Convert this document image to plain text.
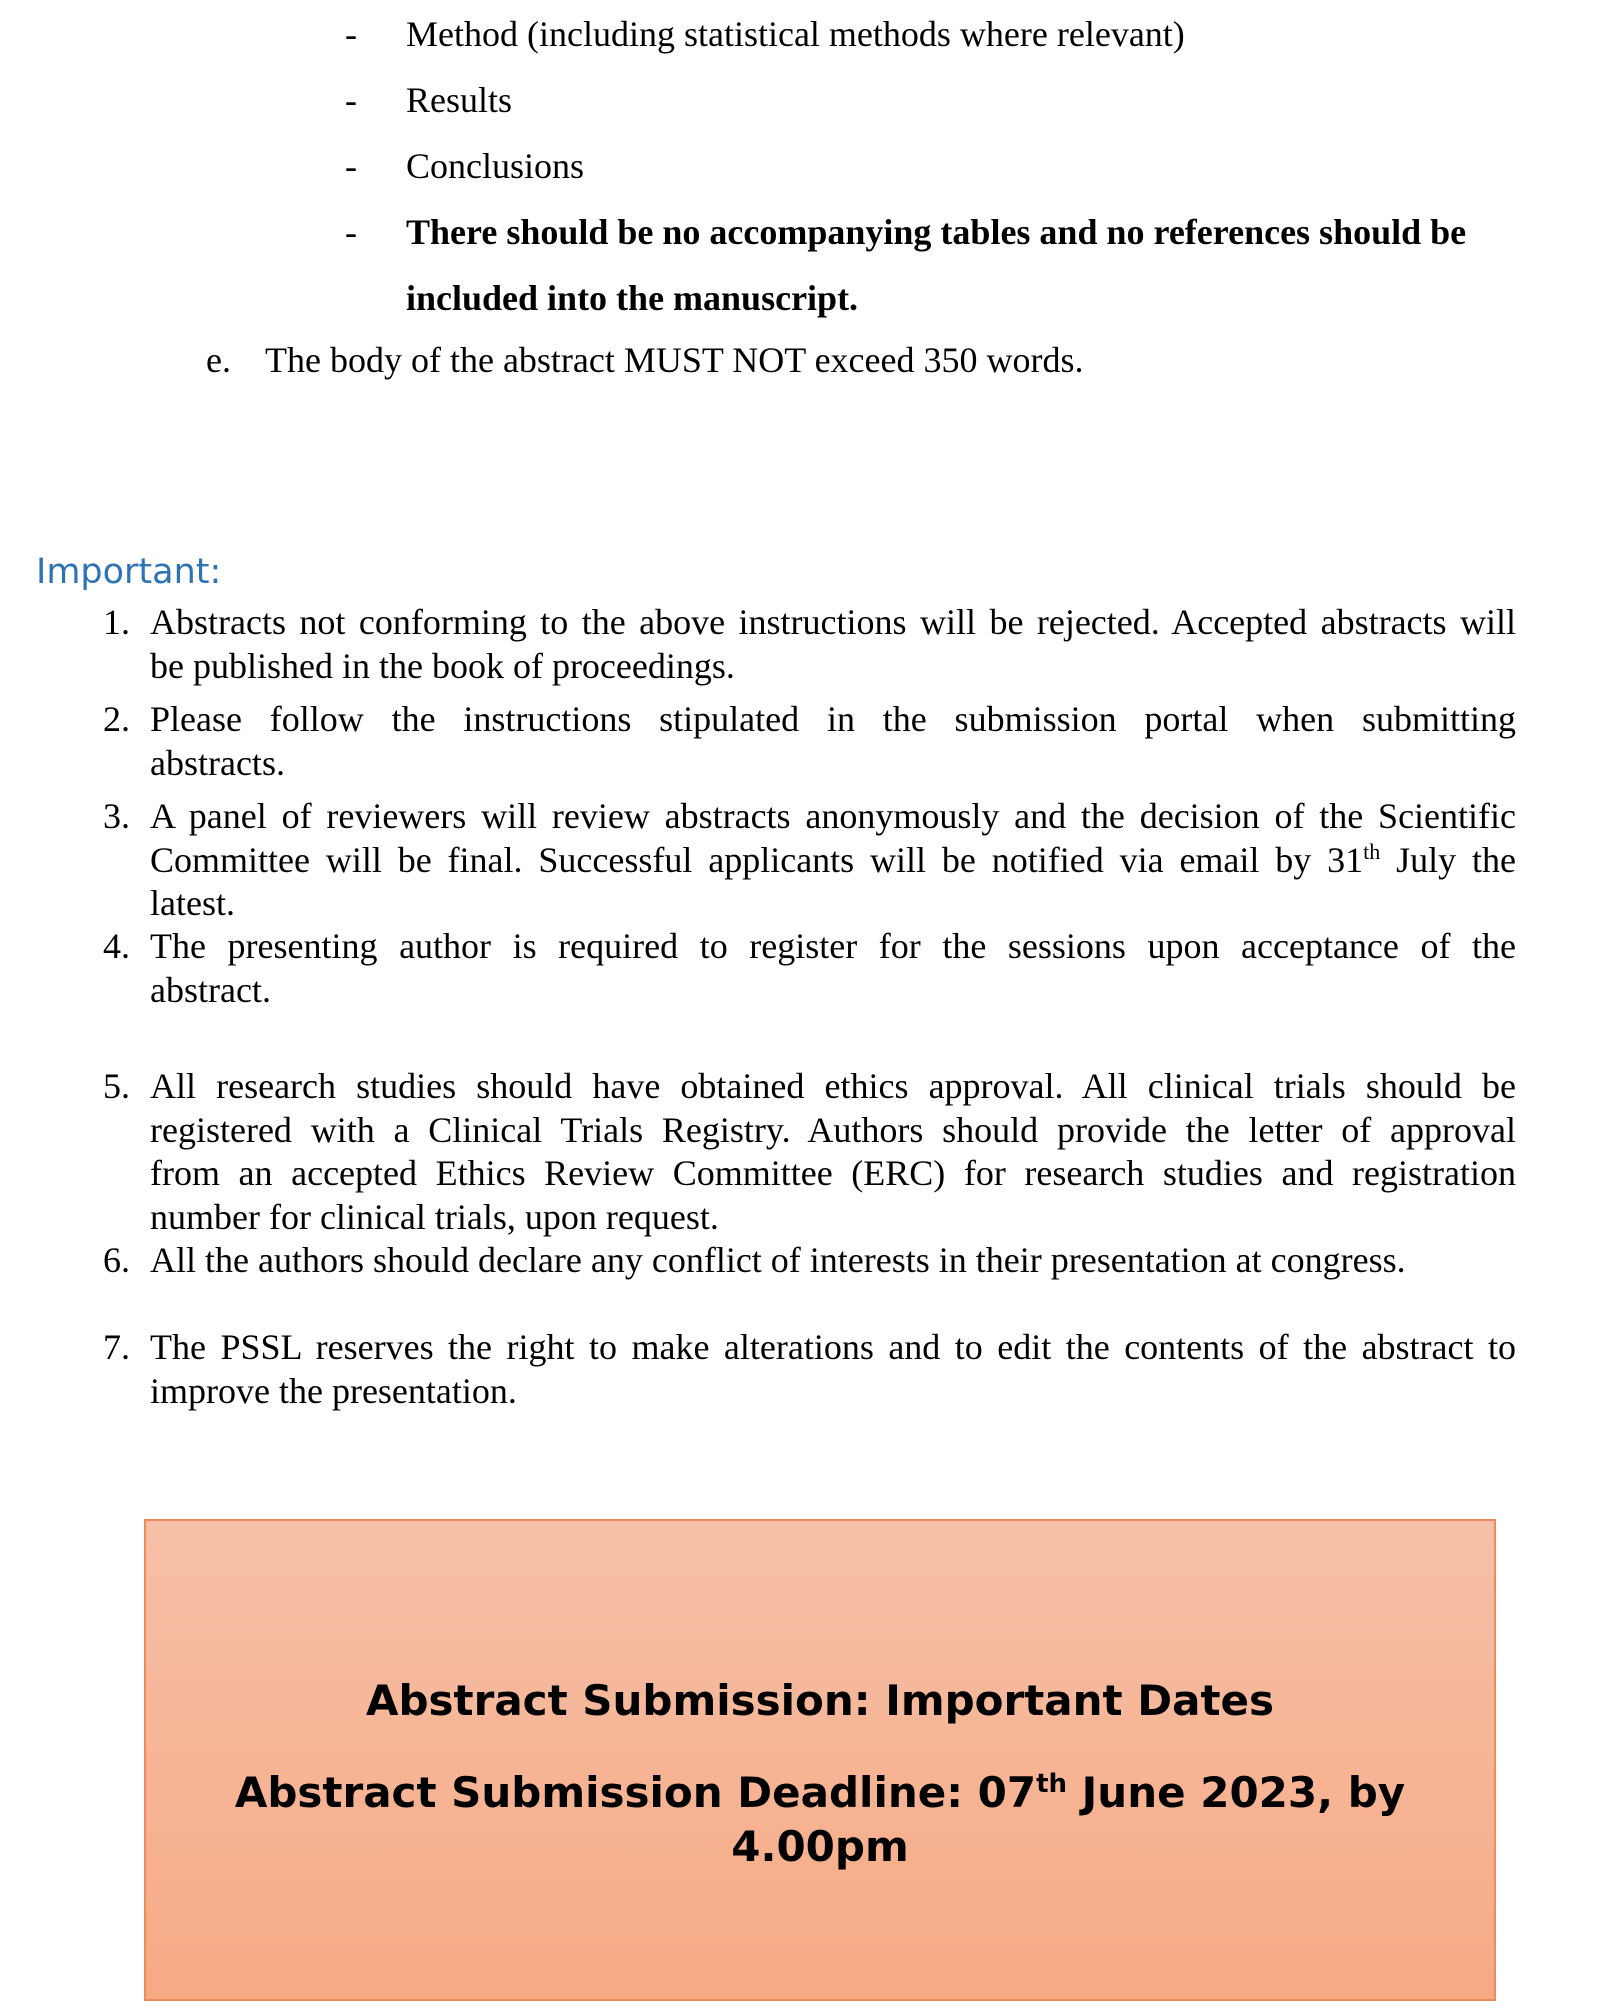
-	Method (including statistical methods where relevant)
-	Results
-	Conclusions
-	There should be no accompanying tables and no references should be
included into the manuscript.
e. The body of the abstract MUST NOT exceed 350 words.
Important:
1. Abstracts not conforming to the above instructions will be rejected. Accepted abstracts will
be published in the book of proceedings.
2. Please follow the instructions stipulated in the submission portal when submitting
abstracts.
3. A panel of reviewers will review abstracts anonymously and the decision of the Scientific
Committee will be final. Successful applicants will be notified via email by 31th July the
latest.
4. The presenting author is required to register for the sessions upon acceptance of the
abstract.
5. All research studies should have obtained ethics approval. All clinical trials should be
registered with a Clinical Trials Registry. Authors should provide the letter of approval
from an accepted Ethics Review Committee (ERC) for research studies and registration
number for clinical trials, upon request.
6. All the authors should declare any conflict of interests in their presentation at congress.
7. The PSSL reserves the right to make alterations and to edit the contents of the abstract to
improve the presentation.
Abstract Submission: Important Dates
Abstract Submission Deadline: 07th June 2023, by 4.00pm
